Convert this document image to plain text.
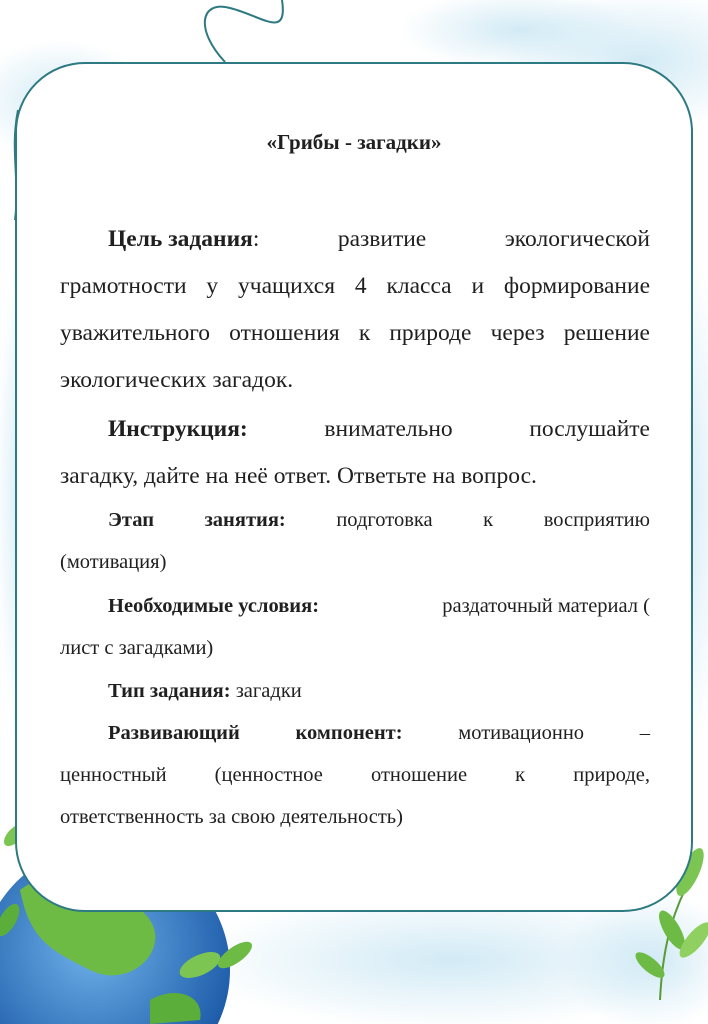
«Грибы - загадки»
Цель задания:	развитие	экологической
грамотности у учащихся 4 класса и формирование уважительного отношения к природе через решение экологических загадок.
Инструкция:	внимательно	послушайте
загадку, дайте на неё ответ. Ответьте на вопрос.
Этап занятия: подготовка к восприятию
(мотивация)
Необходимые условия:	раздаточный материал (
лист с загадками)
Тип задания: загадки
Развивающий	компонент:	мотивационно	–
ценностный (ценностное отношение к природе,
ответственность за свою деятельность)
